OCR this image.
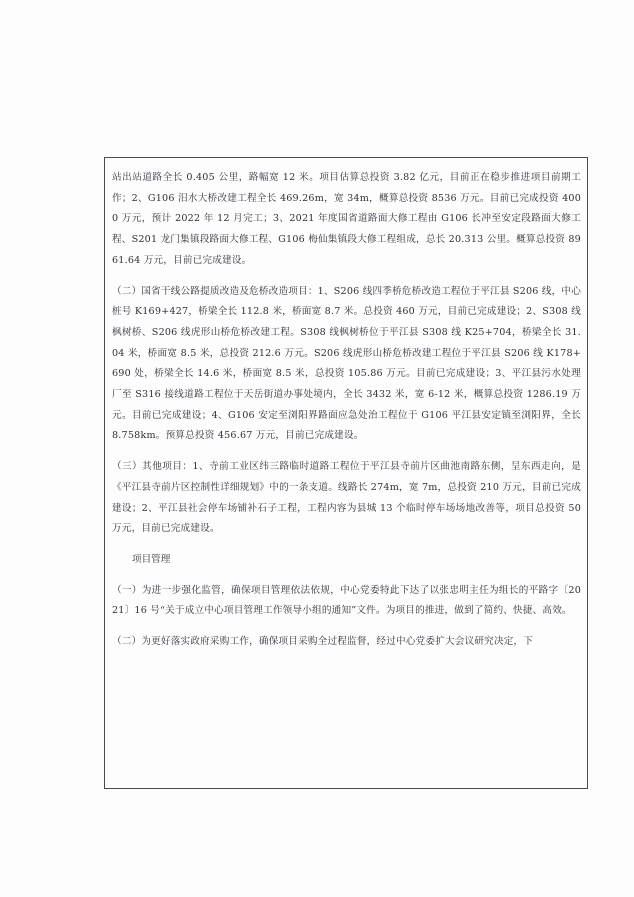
站出站道路全长 0.405 公里，路幅宽 12 米。项目估算总投资 3.82 亿元，目前正在稳步推进项目前期工作；2、G106 汨水大桥改建工程全长 469.26m，宽 34m，概算总投资 8536 万元。目前已完成投资 4000 万元，预计 2022 年 12 月完工；3、2021 年度国省道路面大修工程由 G106 长冲至安定段路面大修工程、S201 龙门集镇段路面大修工程、G106 梅仙集镇段大修工程组成，总长 20.313 公里。概算总投资 8961.64 万元，目前已完成建设。

（二）国省干线公路提质改造及危桥改造项目：1、S206 线四季桥危桥改造工程位于平江县 S206 线，中心桩号 K169+427，桥梁全长 112.8 米，桥面宽 8.7 米。总投资 460 万元，目前已完成建设；2、S308 线枫树桥、S206 线虎形山桥危桥改建工程。S308 线枫树桥位于平江县 S308 线 K25+704，桥梁全长 31.04 米，桥面宽 8.5 米，总投资 212.6 万元。S206 线虎形山桥危桥改建工程位于平江县 S206 线 K178+690 处，桥梁全长 14.6 米，桥面宽 8.5 米，总投资 105.86 万元。目前已完成建设；3、平江县污水处理厂至 S316 接线道路工程位于天岳街道办事处境内，全长 3432 米，宽 6-12 米，概算总投资 1286.19 万元。目前已完成建设；4、G106 安定至浏阳界路面应急处治工程位于 G106 平江县安定镇至浏阳界，全长 8.758km。预算总投资 456.67 万元，目前已完成建设。

（三）其他项目：1、寺前工业区纬三路临时道路工程位于平江县寺前片区曲池南路东侧，呈东西走向，是《平江县寺前片区控制性详细规划》中的一条支道。线路长 274m，宽 7m，总投资 210 万元，目前已完成建设；2、平江县社会停车场铺补石子工程，工程内容为县城 13 个临时停车场场地改善等，项目总投资 50 万元，目前已完成建设。

项目管理

（一）为进一步强化监管，确保项目管理依法依规，中心党委特此下达了以张忠明主任为组长的平路字〔2021〕16 号“关于成立中心项目管理工作领导小组的通知”文件。为项目的推进，做到了简约、快捷、高效。

（二）为更好落实政府采购工作，确保项目采购全过程监督，经过中心党委扩大会议研究决定，下
